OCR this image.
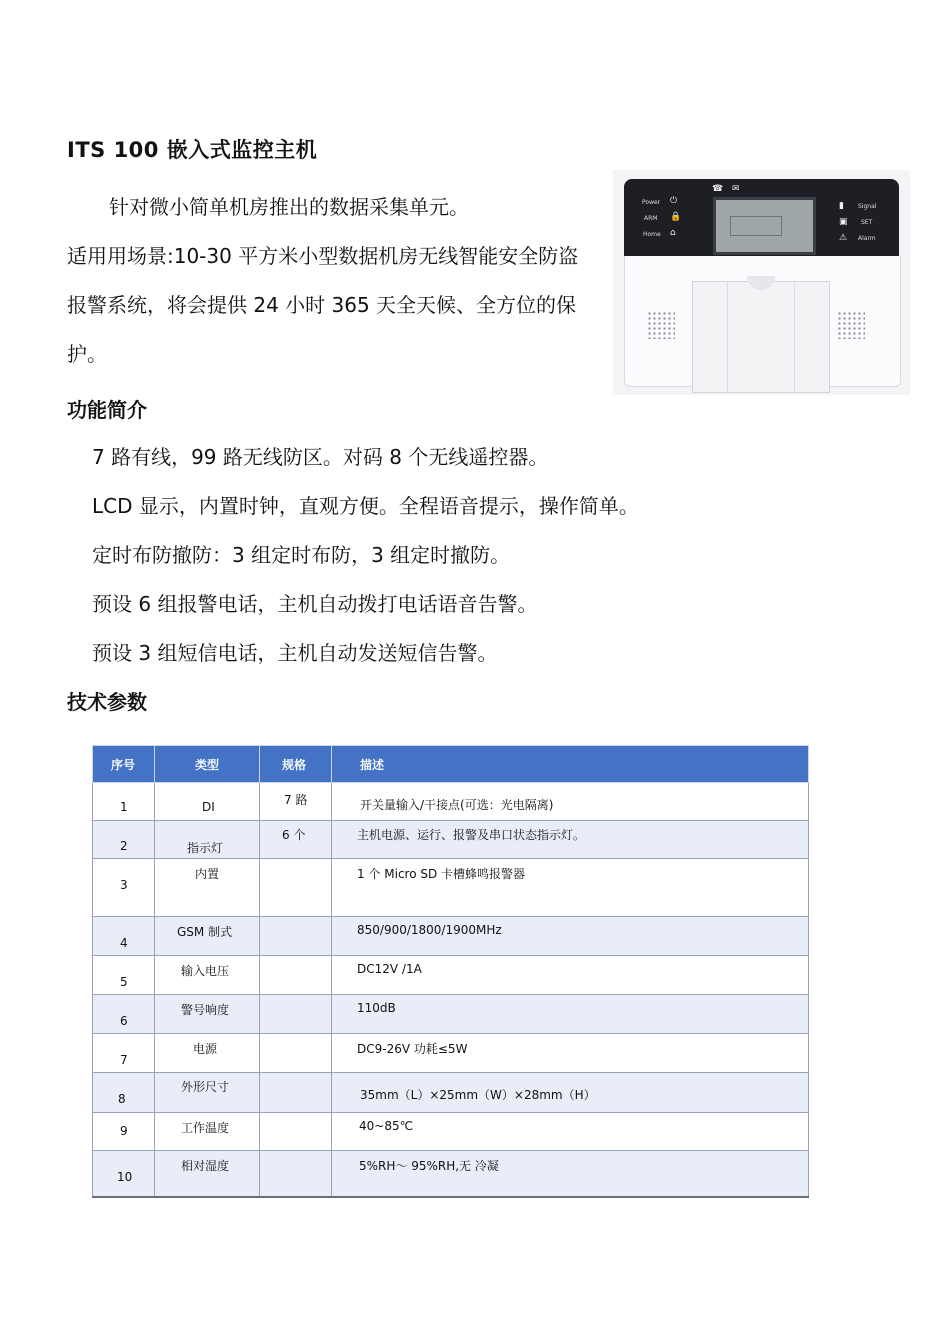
ITS 100 嵌入式监控主机
针对微小简单机房推出的数据采集单元。
适用用场景:10-30 平方米小型数据机房无线智能安全防盗
报警系统，将会提供 24 小时 365 天全天候、全方位的保
护。
☎ ✉
Power ⏻
ARM 🔒
Home ⌂
▮ Signal
▣ SET
⚠ Alarm
功能简介
7 路有线，99 路无线防区。对码 8 个无线遥控器。
LCD 显示，内置时钟，直观方便。全程语音提示，操作简单。
定时布防撤防：3 组定时布防，3 组定时撤防。
预设 6 组报警电话，主机自动拨打电话语音告警。
预设 3 组短信电话，主机自动发送短信告警。
技术参数
序号	类型	规格	描述

1	DI	7 路	开关量输入/干接点(可选：光电隔离)

2	指示灯	6 个	主机电源、运行、报警及串口状态指示灯。

3	内置		1 个 Micro SD 卡槽蜂鸣报警器

4	GSM 制式		850/900/1800/1900MHz

5	输入电压		DC12V /1A

6	警号响度		110dB

7	电源		DC9-26V 功耗≤5W

8	外形尺寸		35mm（L）×25mm（W）×28mm（H）

9	工作温度		40~85℃

10	相对湿度		5%RH～ 95%RH,无 冷凝
